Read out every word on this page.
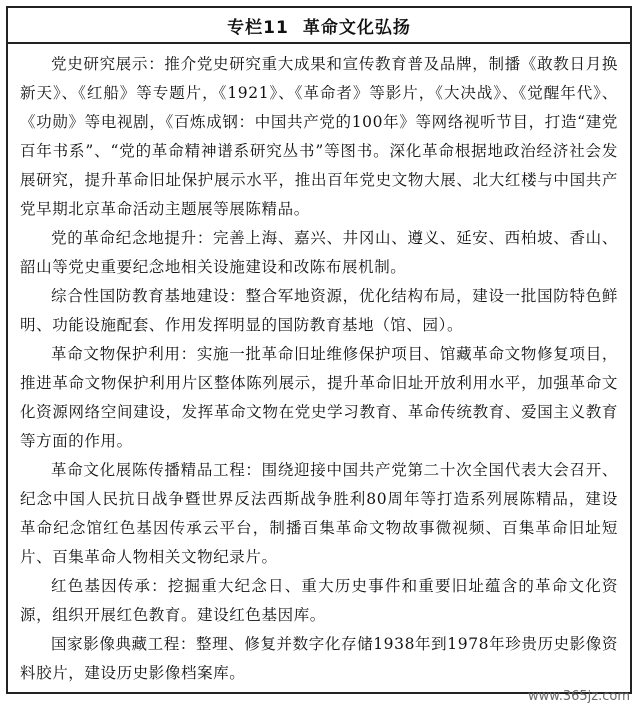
专栏11 革命文化弘扬

党史研究展示：推介党史研究重大成果和宣传教育普及品牌，制播《敢教日月换新天》、《红船》等专题片，《1921》、《革命者》等影片，《大决战》、《觉醒年代》、《功勋》等电视剧，《百炼成钢：中国共产党的100年》等网络视听节目，打造“建党百年书系”、“党的革命精神谱系研究丛书”等图书。深化革命根据地政治经济社会发展研究，提升革命旧址保护展示水平，推出百年党史文物大展、北大红楼与中国共产党早期北京革命活动主题展等展陈精品。

党的革命纪念地提升：完善上海、嘉兴、井冈山、遵义、延安、西柏坡、香山、韶山等党史重要纪念地相关设施建设和改陈布展机制。

综合性国防教育基地建设：整合军地资源，优化结构布局，建设一批国防特色鲜明、功能设施配套、作用发挥明显的国防教育基地（馆、园）。

革命文物保护利用：实施一批革命旧址维修保护项目、馆藏革命文物修复项目，推进革命文物保护利用片区整体陈列展示，提升革命旧址开放利用水平，加强革命文化资源网络空间建设，发挥革命文物在党史学习教育、革命传统教育、爱国主义教育等方面的作用。

革命文化展陈传播精品工程：围绕迎接中国共产党第二十次全国代表大会召开、纪念中国人民抗日战争暨世界反法西斯战争胜利80周年等打造系列展陈精品，建设革命纪念馆红色基因传承云平台，制播百集革命文物故事微视频、百集革命旧址短片、百集革命人物相关文物纪录片。

红色基因传承：挖掘重大纪念日、重大历史事件和重要旧址蕴含的革命文化资源，组织开展红色教育。建设红色基因库。

国家影像典藏工程：整理、修复并数字化存储1938年到1978年珍贵历史影像资料胶片，建设历史影像档案库。

www.365jz.com
